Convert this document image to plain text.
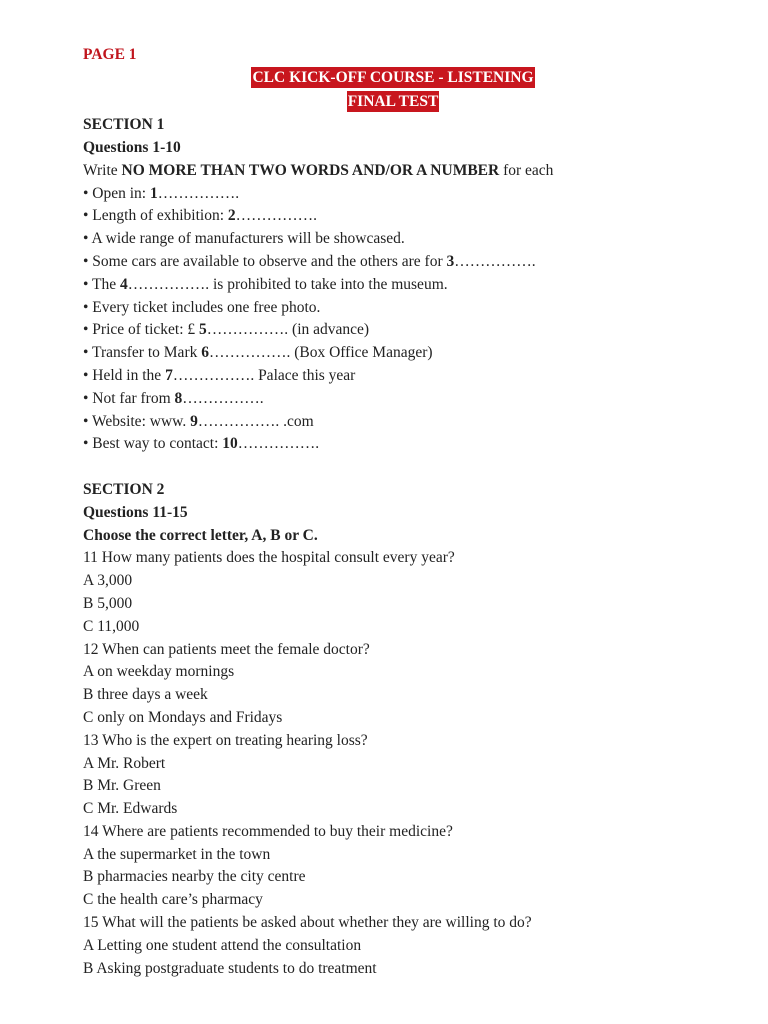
PAGE 1
CLC KICK-OFF COURSE - LISTENING
FINAL TEST
SECTION 1
Questions 1-10
Write NO MORE THAN TWO WORDS AND/OR A NUMBER for each
• Open in: 1…………….
• Length of exhibition: 2…………….
• A wide range of manufacturers will be showcased.
• Some cars are available to observe and the others are for 3…………….
• The 4……………. is prohibited to take into the museum.
• Every ticket includes one free photo.
• Price of ticket: £ 5……………. (in advance)
• Transfer to Mark 6……………. (Box Office Manager)
• Held in the 7……………. Palace this year
• Not far from 8…………….
• Website: www. 9……………. .com
• Best way to contact: 10…………….
SECTION 2
Questions 11-15
Choose the correct letter, A, B or C.
11 How many patients does the hospital consult every year?
A 3,000
B 5,000
C 11,000
12 When can patients meet the female doctor?
A on weekday mornings
B three days a week
C only on Mondays and Fridays
13 Who is the expert on treating hearing loss?
A Mr. Robert
B Mr. Green
C Mr. Edwards
14 Where are patients recommended to buy their medicine?
A the supermarket in the town
B pharmacies nearby the city centre
C the health care’s pharmacy
15 What will the patients be asked about whether they are willing to do?
A Letting one student attend the consultation
B Asking postgraduate students to do treatment
